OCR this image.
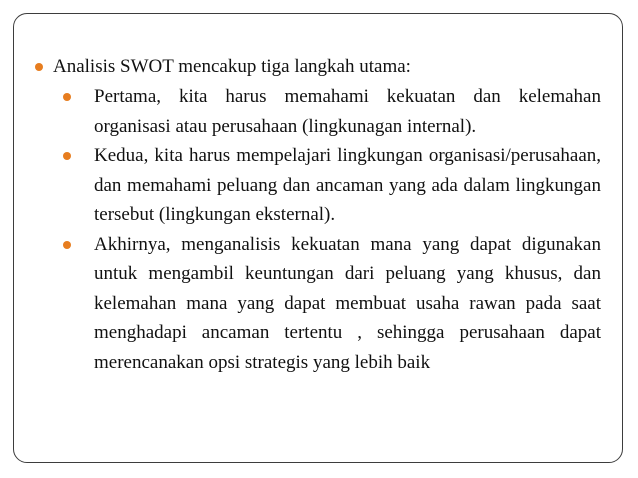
Analisis SWOT mencakup tiga langkah utama:
Pertama, kita harus memahami kekuatan dan kelemahan organisasi atau perusahaan (lingkunagan internal).
Kedua, kita harus mempelajari lingkungan organisasi/perusahaan, dan memahami peluang dan ancaman yang ada dalam lingkungan tersebut (lingkungan eksternal).
Akhirnya, menganalisis kekuatan mana yang dapat digunakan untuk mengambil keuntungan dari peluang yang khusus, dan kelemahan mana yang dapat membuat usaha rawan pada saat menghadapi ancaman tertentu , sehingga perusahaan dapat merencanakan opsi strategis yang lebih baik
